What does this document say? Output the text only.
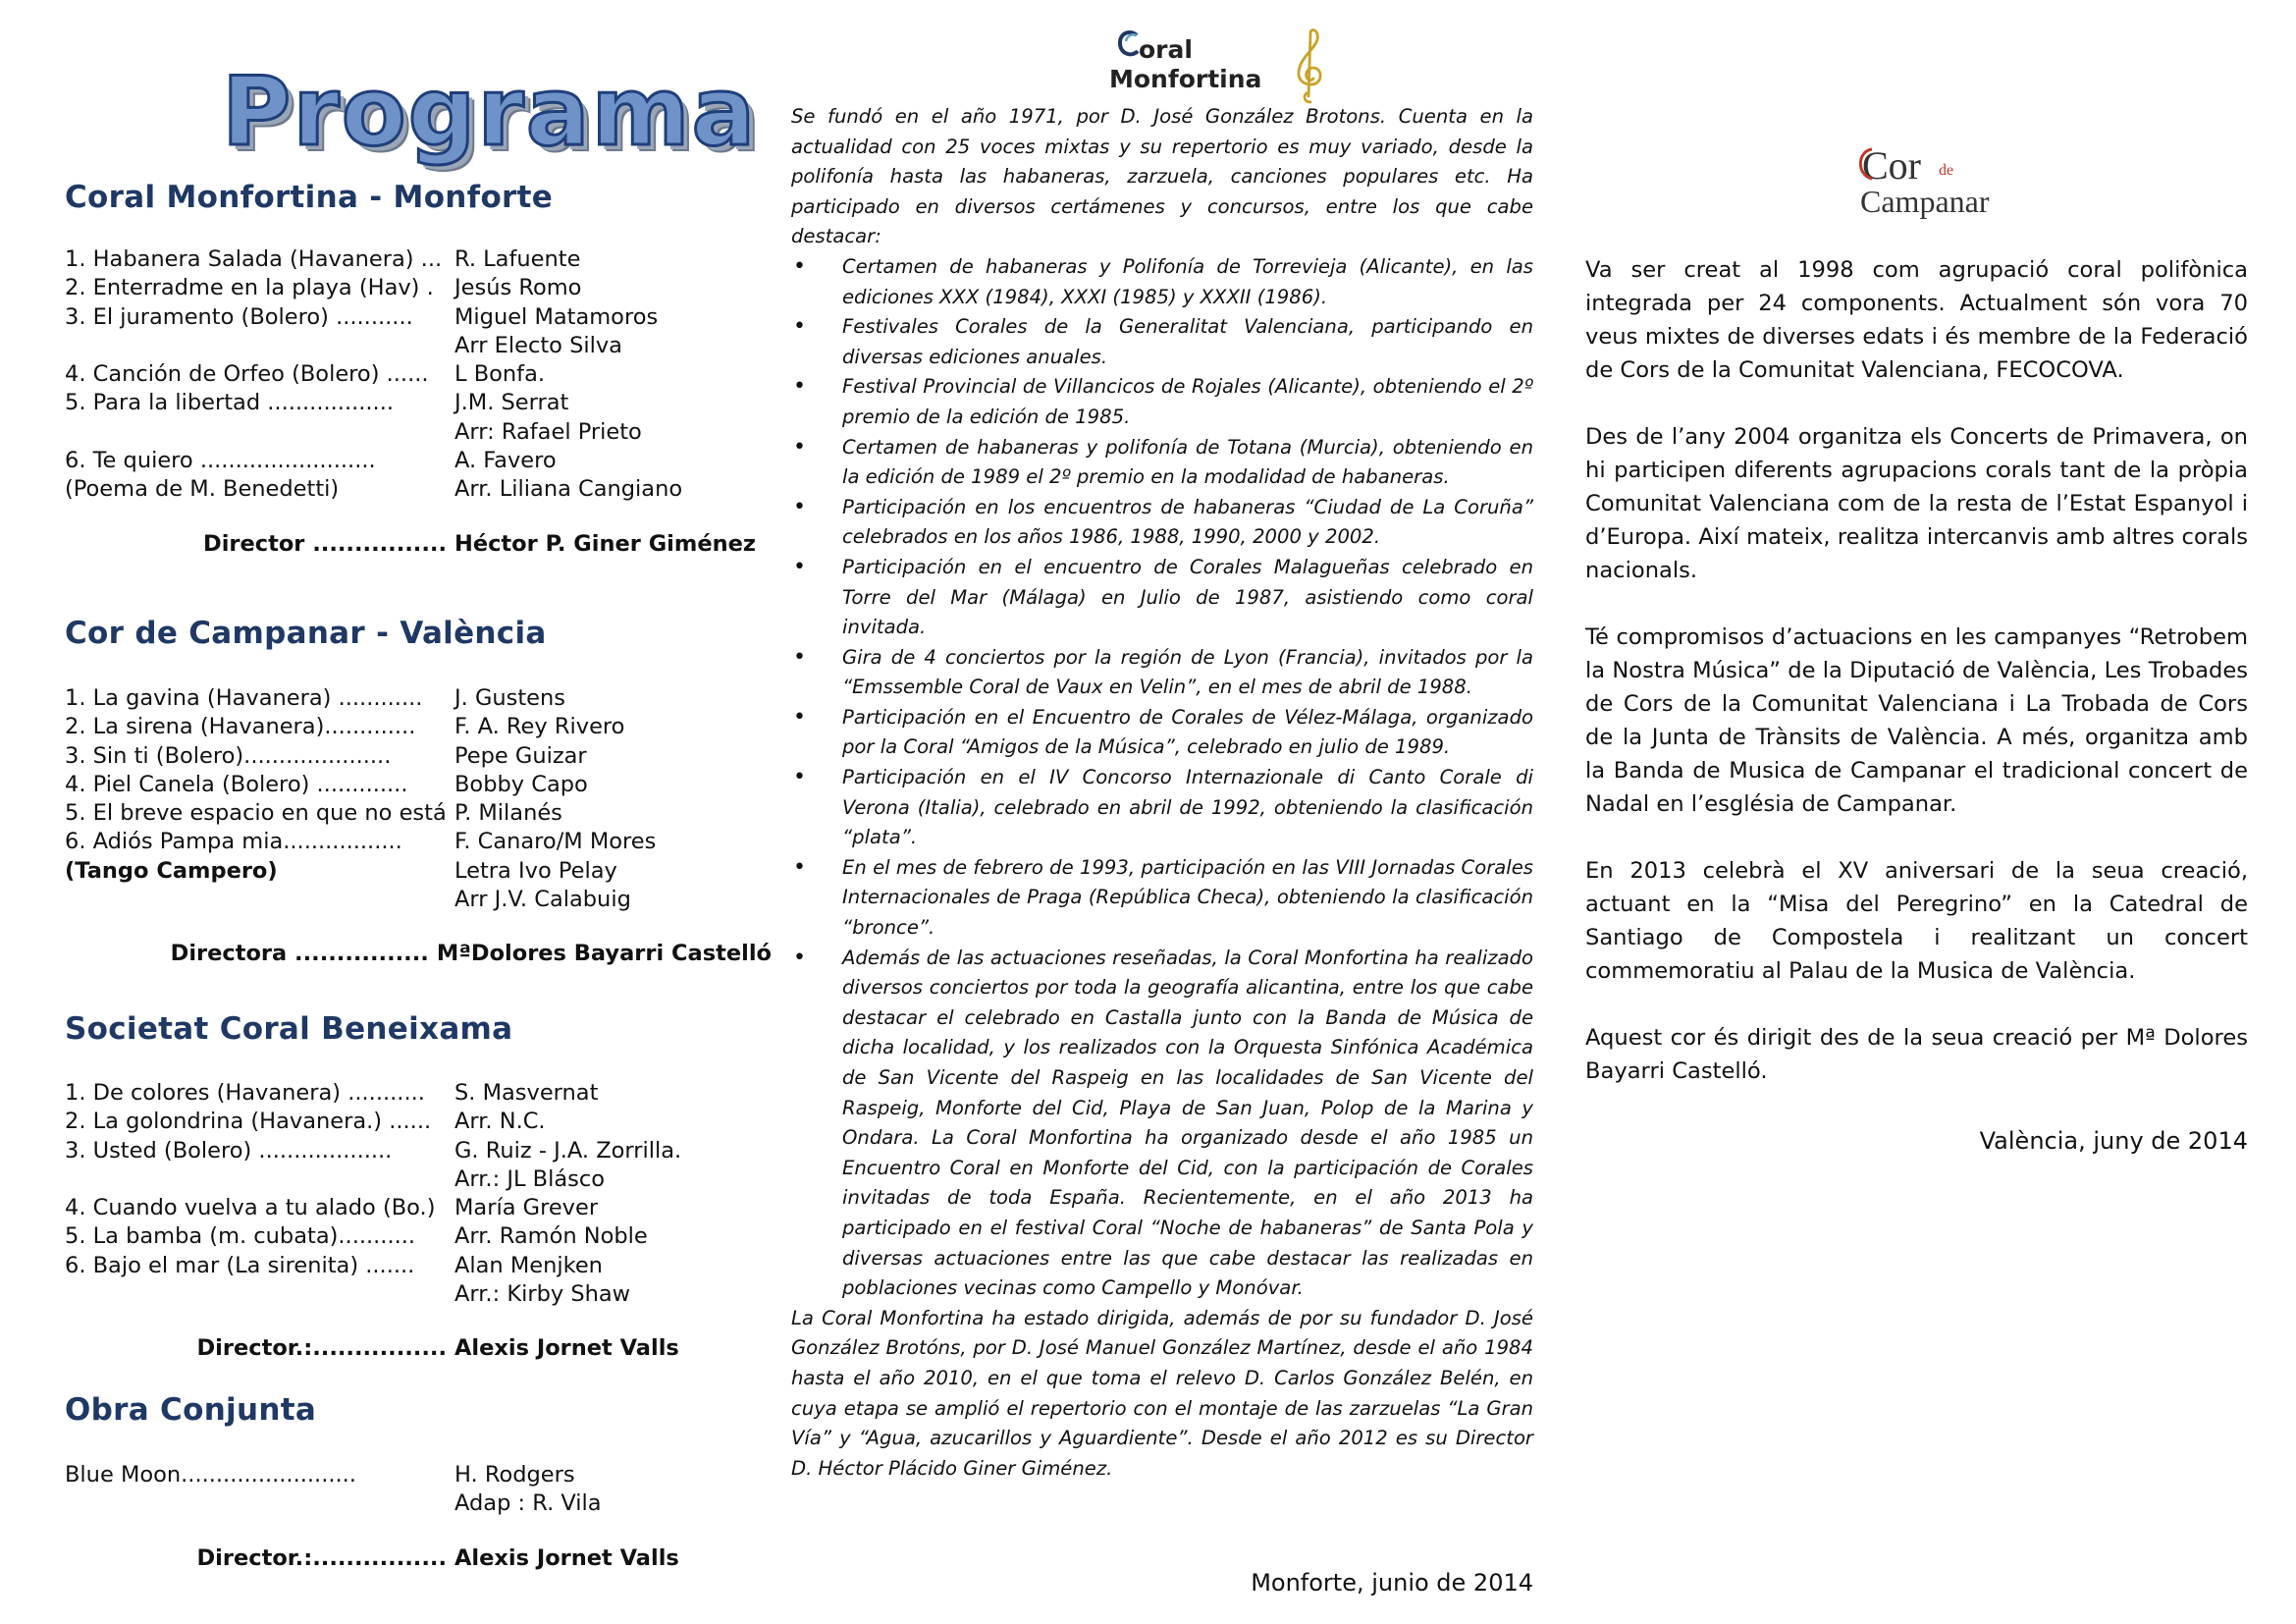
Programa
Coral Monfortina - Monforte
1. Habanera Salada (Havanera) ... R. Lafuente
2. Enterradme en la playa (Hav) . Jesús Romo
3. El juramento (Bolero) ...........	Miguel Matamoros
Arr Electo Silva
4. Canción de Orfeo (Bolero) ......	L Bonfa.
5. Para la libertad ..................	J.M. Serrat
Arr: Rafael Prieto
6. Te quiero .........................	A. Favero
(Poema de M. Benedetti)	Arr. Liliana Cangiano
Director ................ Héctor P. Giner Giménez
Cor de Campanar - València
1. La gavina (Havanera) ............	J. Gustens
2. La sirena (Havanera).............	F. A. Rey Rivero
3. Sin ti (Bolero).....................	Pepe Guizar
4. Piel Canela (Bolero) .............	Bobby Capo
5. El breve espacio en que no está P. Milanés
6. Adiós Pampa mia.................	F. Canaro/M Mores
(Tango Campero)	Letra Ivo Pelay
Arr J.V. Calabuig
Directora ................ MªDolores Bayarri Castelló
Societat Coral Beneixama
1. De colores (Havanera) ...........	S. Masvernat
2. La golondrina (Havanera.) ......	Arr. N.C.
3. Usted (Bolero) ...................	G. Ruiz - J.A. Zorrilla.
Arr.: JL Blásco
4. Cuando vuelva a tu alado (Bo.) María Grever
5. La bamba (m. cubata)...........	Arr. Ramón Noble
6. Bajo el mar (La sirenita) .......	Alan Menjken
Arr.: Kirby Shaw
Director.:................ Alexis Jornet Valls
Obra Conjunta
Blue Moon.........................	H. Rodgers
Adap : R. Vila
Director.:................ Alexis Jornet Valls
oral
Monfortina

Se fundó en el año 1971, por D. José González Brotons. Cuenta en la actualidad con 25 voces mixtas y su repertorio es muy variado, desde la polifonía hasta las habaneras, zarzuela, canciones populares etc. Ha participado en diversos certámenes y concursos, entre los que cabe destacar:

• Certamen de habaneras y Polifonía de Torrevieja (Alicante), en las ediciones XXX (1984), XXXI (1985) y XXXII (1986).
• Festivales Corales de la Generalitat Valenciana, participando en diversas ediciones anuales.
• Festival Provincial de Villancicos de Rojales (Alicante), obteniendo el 2º premio de la edición de 1985.
• Certamen de habaneras y polifonía de Totana (Murcia), obteniendo en la edición de 1989 el 2º premio en la modalidad de habaneras.
• Participación en los encuentros de habaneras “Ciudad de La Coruña” celebrados en los años 1986, 1988, 1990, 2000 y 2002.
• Participación en el encuentro de Corales Malagueñas celebrado en Torre del Mar (Málaga) en Julio de 1987, asistiendo como coral invitada.
• Gira de 4 conciertos por la región de Lyon (Francia), invitados por la “Emssemble Coral de Vaux en Velin”, en el mes de abril de 1988.
• Participación en el Encuentro de Corales de Vélez-Málaga, organizado por la Coral “Amigos de la Música”, celebrado en julio de 1989.
• Participación en el IV Concorso Internazionale di Canto Corale di Verona (Italia), celebrado en abril de 1992, obteniendo la clasificación “plata”.
• En el mes de febrero de 1993, participación en las VIII Jornadas Corales Internacionales de Praga (República Checa), obteniendo la clasificación “bronce”.
• Además de las actuaciones reseñadas, la Coral Monfortina ha realizado diversos conciertos por toda la geografía alicantina, entre los que cabe destacar el celebrado en Castalla junto con la Banda de Música de dicha localidad, y los realizados con la Orquesta Sinfónica Académica de San Vicente del Raspeig en las localidades de San Vicente del Raspeig, Monforte del Cid, Playa de San Juan, Polop de la Marina y Ondara. La Coral Monfortina ha organizado desde el año 1985 un Encuentro Coral en Monforte del Cid, con la participación de Corales invitadas de toda España. Recientemente, en el año 2013 ha participado en el festival Coral “Noche de habaneras” de Santa Pola y diversas actuaciones entre las que cabe destacar las realizadas en poblaciones vecinas como Campello y Monóvar.

La Coral Monfortina ha estado dirigida, además de por su fundador D. José González Brotóns, por D. José Manuel González Martínez, desde el año 1984 hasta el año 2010, en el que toma el relevo D. Carlos González Belén, en cuya etapa se amplió el repertorio con el montaje de las zarzuelas “La Gran Vía” y “Agua, azucarillos y Aguardiente”. Desde el año 2012 es su Director D. Héctor Plácido Giner Giménez.

Monforte, junio de 2014
Cor de
Campanar

Va ser creat al 1998 com agrupació coral polifònica integrada per 24 components. Actualment són vora 70 veus mixtes de diverses edats i és membre de la Federació de Cors de la Comunitat Valenciana, FECOCOVA.

Des de l’any 2004 organitza els Concerts de Primavera, on hi participen diferents agrupacions corals tant de la pròpia Comunitat Valenciana com de la resta de l’Estat Espanyol i d’Europa. Així mateix, realitza intercanvis amb altres corals nacionals.

Té compromisos d’actuacions en les campanyes “Retrobem la Nostra Música” de la Diputació de València, Les Trobades de Cors de la Comunitat Valenciana i La Trobada de Cors de la Junta de Trànsits de València. A més, organitza amb la Banda de Musica de Campanar el tradicional concert de Nadal en l’església de Campanar.

En 2013 celebrà el XV aniversari de la seua creació, actuant en la “Misa del Peregrino” en la Catedral de Santiago de Compostela i realitzant un concert commemoratiu al Palau de la Musica de València.

Aquest cor és dirigit des de la seua creació per Mª Dolores Bayarri Castelló.

València, juny de 2014
